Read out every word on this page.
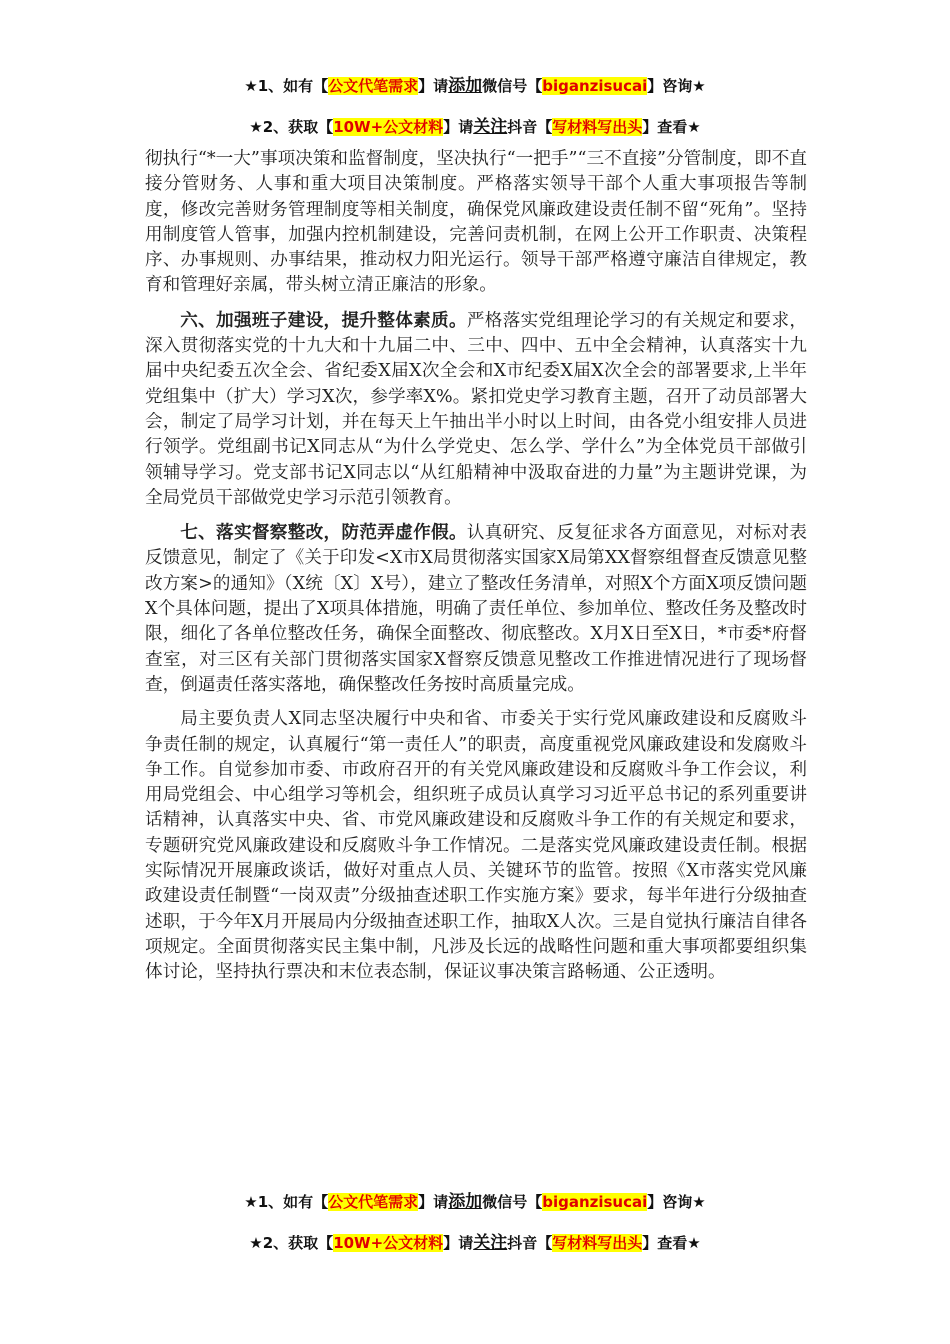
★1、如有【公文代笔需求】请添加微信号【biganzisucai】咨询★
★2、获取【10W+公文材料】请关注抖音【写材料写出头】查看★

彻执行“*一大”事项决策和监督制度，坚决执行“一把手”“三不直接”分管制度，即不直接分管财务、人事和重大项目决策制度。严格落实领导干部个人重大事项报告等制度，修改完善财务管理制度等相关制度，确保党风廉政建设责任制不留“死角”。坚持用制度管人管事，加强内控机制建设，完善问责机制，在网上公开工作职责、决策程序、办事规则、办事结果，推动权力阳光运行。领导干部严格遵守廉洁自律规定，教育和管理好亲属，带头树立清正廉洁的形象。

六、加强班子建设，提升整体素质。严格落实党组理论学习的有关规定和要求，深入贯彻落实党的十九大和十九届二中、三中、四中、五中全会精神，认真落实十九届中央纪委五次全会、省纪委X届X次全会和X市纪委X届X次全会的部署要求,上半年党组集中（扩大）学习X次，参学率X%。紧扣党史学习教育主题，召开了动员部署大会，制定了局学习计划，并在每天上午抽出半小时以上时间，由各党小组安排人员进行领学。党组副书记X同志从“为什么学党史、怎么学、学什么”为全体党员干部做引领辅导学习。党支部书记X同志以“从红船精神中汲取奋进的力量”为主题讲党课，为全局党员干部做党史学习示范引领教育。

七、落实督察整改，防范弄虚作假。认真研究、反复征求各方面意见，对标对表反馈意见，制定了《关于印发<X市X局贯彻落实国家X局第XX督察组督查反馈意见整改方案>的通知》（X统〔X〕X号），建立了整改任务清单，对照X个方面X项反馈问题X个具体问题，提出了X项具体措施，明确了责任单位、参加单位、整改任务及整改时限，细化了各单位整改任务，确保全面整改、彻底整改。X月X日至X日，*市委*府督查室，对三区有关部门贯彻落实国家X督察反馈意见整改工作推进情况进行了现场督查，倒逼责任落实落地，确保整改任务按时高质量完成。

局主要负责人X同志坚决履行中央和省、市委关于实行党风廉政建设和反腐败斗争责任制的规定，认真履行“第一责任人”的职责，高度重视党风廉政建设和发腐败斗争工作。自觉参加市委、市政府召开的有关党风廉政建设和反腐败斗争工作会议，利用局党组会、中心组学习等机会，组织班子成员认真学习习近平总书记的系列重要讲话精神，认真落实中央、省、市党风廉政建设和反腐败斗争工作的有关规定和要求，专题研究党风廉政建设和反腐败斗争工作情况。二是落实党风廉政建设责任制。根据实际情况开展廉政谈话，做好对重点人员、关键环节的监管。按照《X市落实党风廉政建设责任制暨“一岗双责”分级抽查述职工作实施方案》要求，每半年进行分级抽查述职，于今年X月开展局内分级抽查述职工作，抽取X人次。三是自觉执行廉洁自律各项规定。全面贯彻落实民主集中制，凡涉及长远的战略性问题和重大事项都要组织集体讨论，坚持执行票决和末位表态制，保证议事决策言路畅通、公正透明。

★1、如有【公文代笔需求】请添加微信号【biganzisucai】咨询★
★2、获取【10W+公文材料】请关注抖音【写材料写出头】查看★
